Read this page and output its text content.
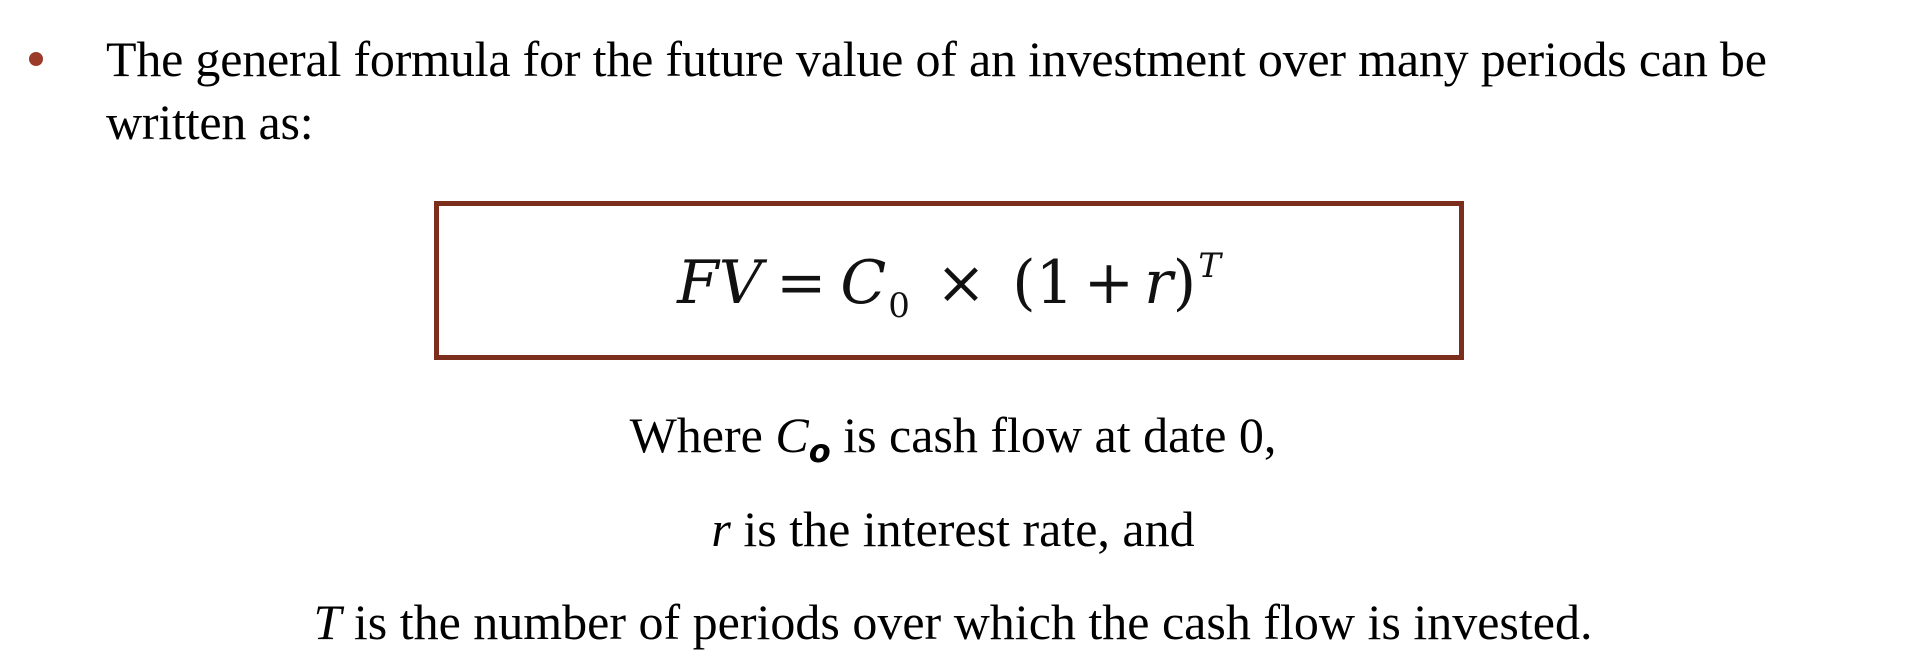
The general formula for the future value of an investment over many periods can be written as:
FV = C 0 × (1 + r ) T
Where $C_o$ is cash flow at date 0,
r is the interest rate, and
T is the number of periods over which the cash flow is invested.
